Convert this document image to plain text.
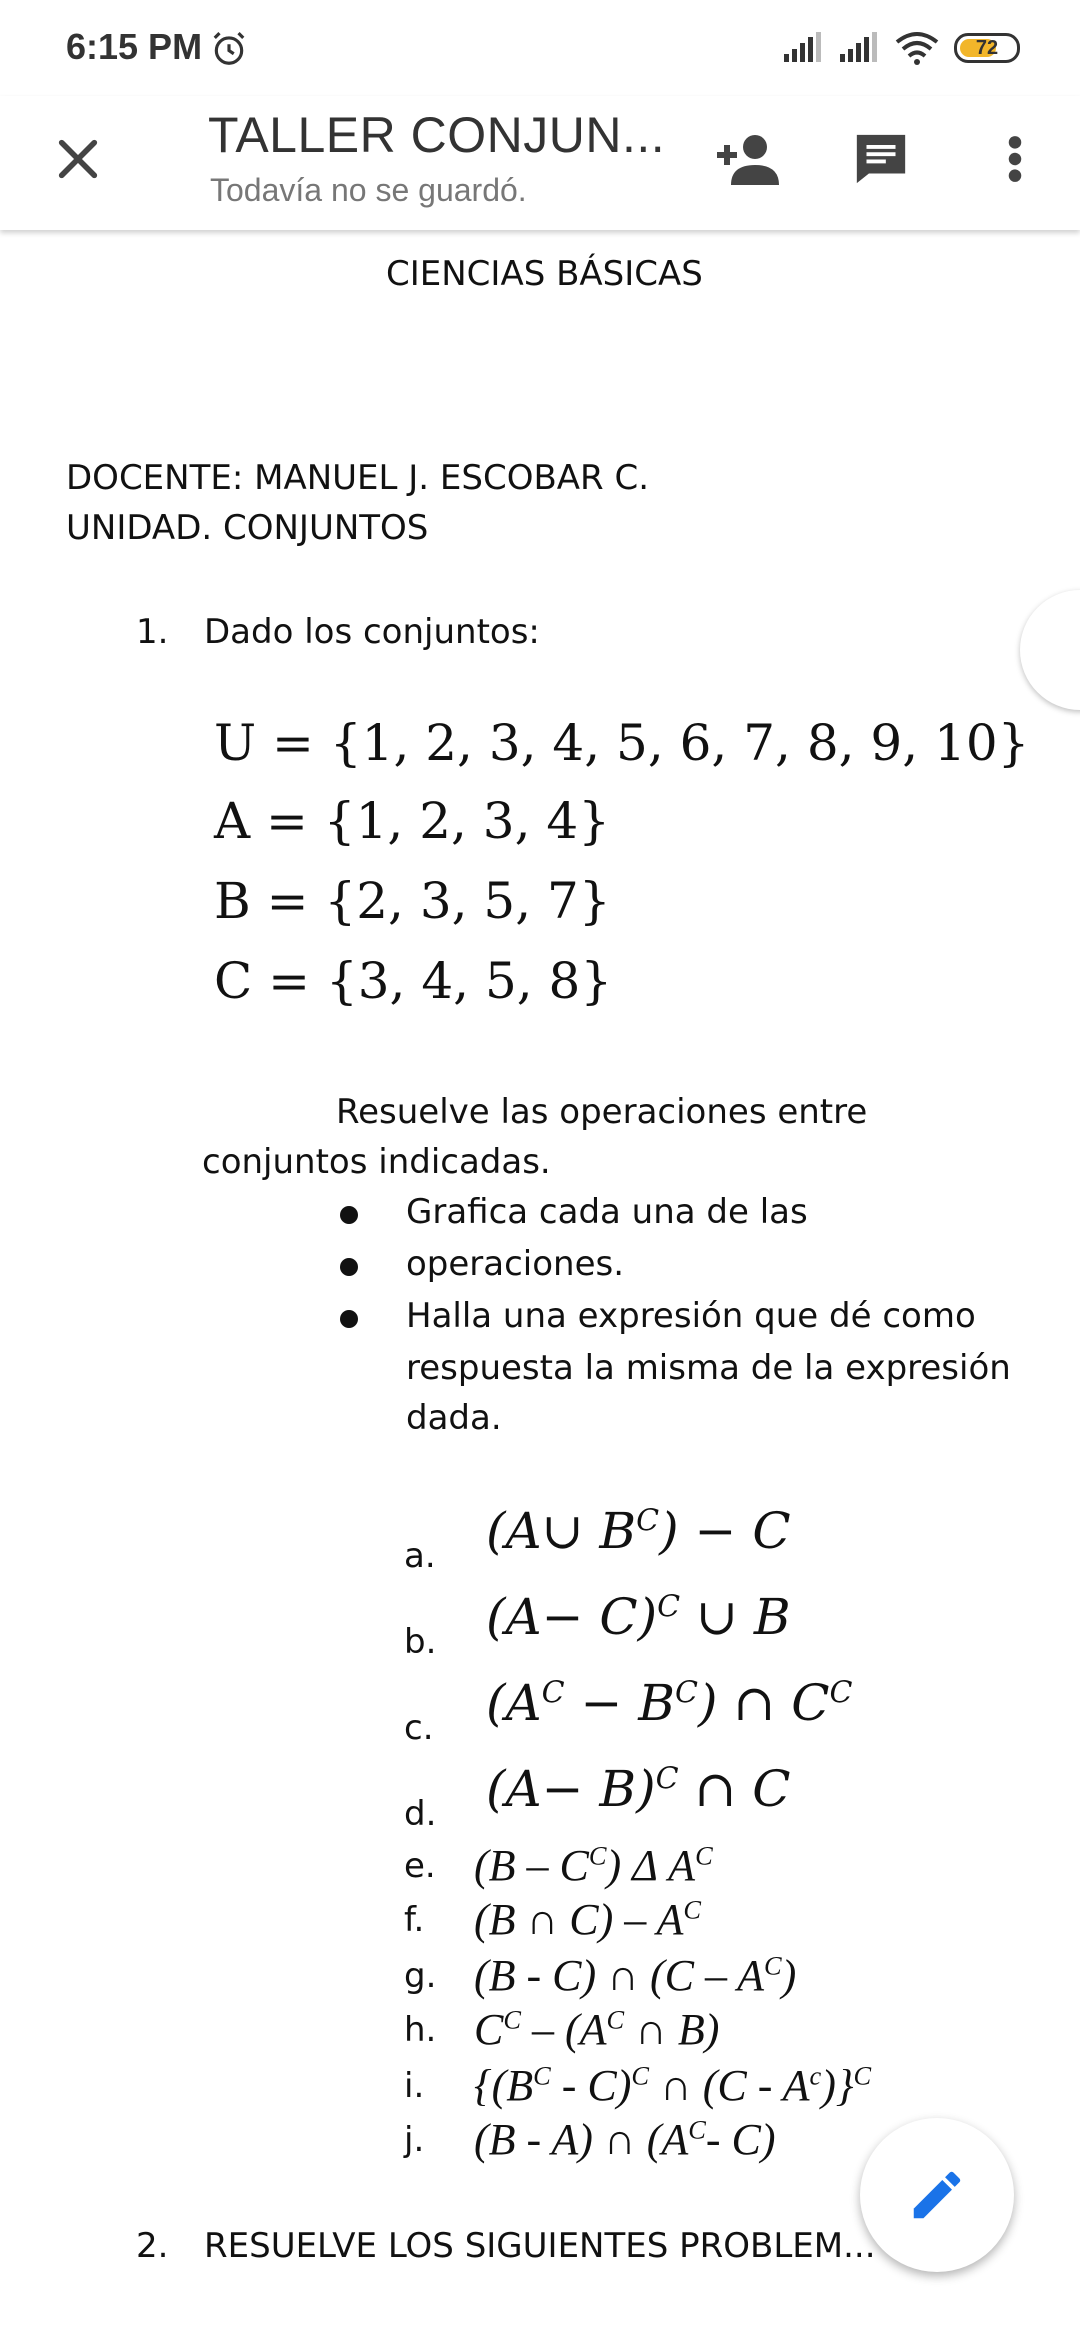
6:15 PM	72
TALLER CONJUN...
Todavía no se guardó.
CIENCIAS BÁSICAS
DOCENTE: MANUEL J. ESCOBAR C.
UNIDAD. CONJUNTOS
1. Dado los conjuntos:
U = {1, 2, 3, 4, 5, 6, 7, 8, 9, 10}
A = {1, 2, 3, 4}
B = {2, 3, 5, 7}
C = {3, 4, 5, 8}
Resuelve las operaciones entre
conjuntos indicadas.
Grafica cada una de las
operaciones.
Halla una expresión que dé como
respuesta la misma de la expresión
dada.
a. (A∪ $B^C) - C$
b. $(A- C)^C$ ∪ B
c. $(A^C - B^C)$ ∩ $C^C$
d. $(A- B)^C$ ∩ C
e. $(B - C^C)$ Δ $A^C$
f. (B ∩ $C) - A^C$
g. (B - C) ∩ $(C - A^C)$
h. $C^C - (A^C$ ∩ B)
i. {$(B^C - C)^C$ ∩ $(C - A^c)\}^C$
j. (B - A) ∩ ($A^C-$ C)
2. RESUELVE LOS SIGUIENTES PROBLEM...
